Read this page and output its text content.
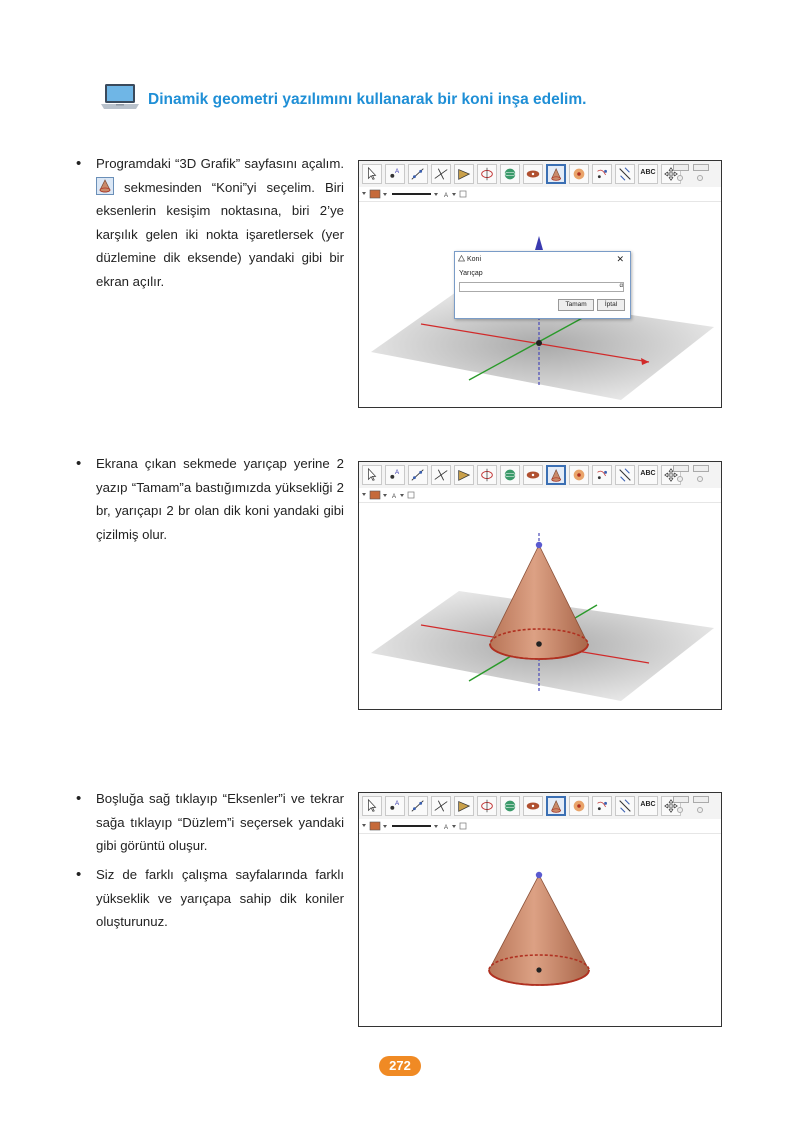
Dinamik geometri yazılımını kullanarak bir koni inşa edelim.

• Programdaki “3D Grafik” sayfasını açalım.
sekmesinden “Koni”yi seçelim. Biri eksenlerin kesişim noktasına, biri 2’ye karşılık gelen iki nokta işaretlersek (yer düzlemine dik eksende) yandaki gibi bir ekran açılır.

• Ekrana çıkan sekmede yarıçap yerine 2 yazıp “Tamam”a bastığımızda yüksekliği 2 br, yarıçapı 2 br olan dik koni yandaki gibi çizilmiş olur.

• Boşluğa sağ tıklayıp “Eksenler”i ve tekrar sağa tıklayıp “Düzlem”i seçersek yandaki gibi görüntü oluşur.

• Siz de farklı çalışma sayfalarında farklı yükseklik ve yarıçapa sahip dik koniler oluşturunuz.

A	ABC
A
Koni	✕
Yarıçap
α
Tamam	İptal
A	ABC
A
A	ABC
A
272
